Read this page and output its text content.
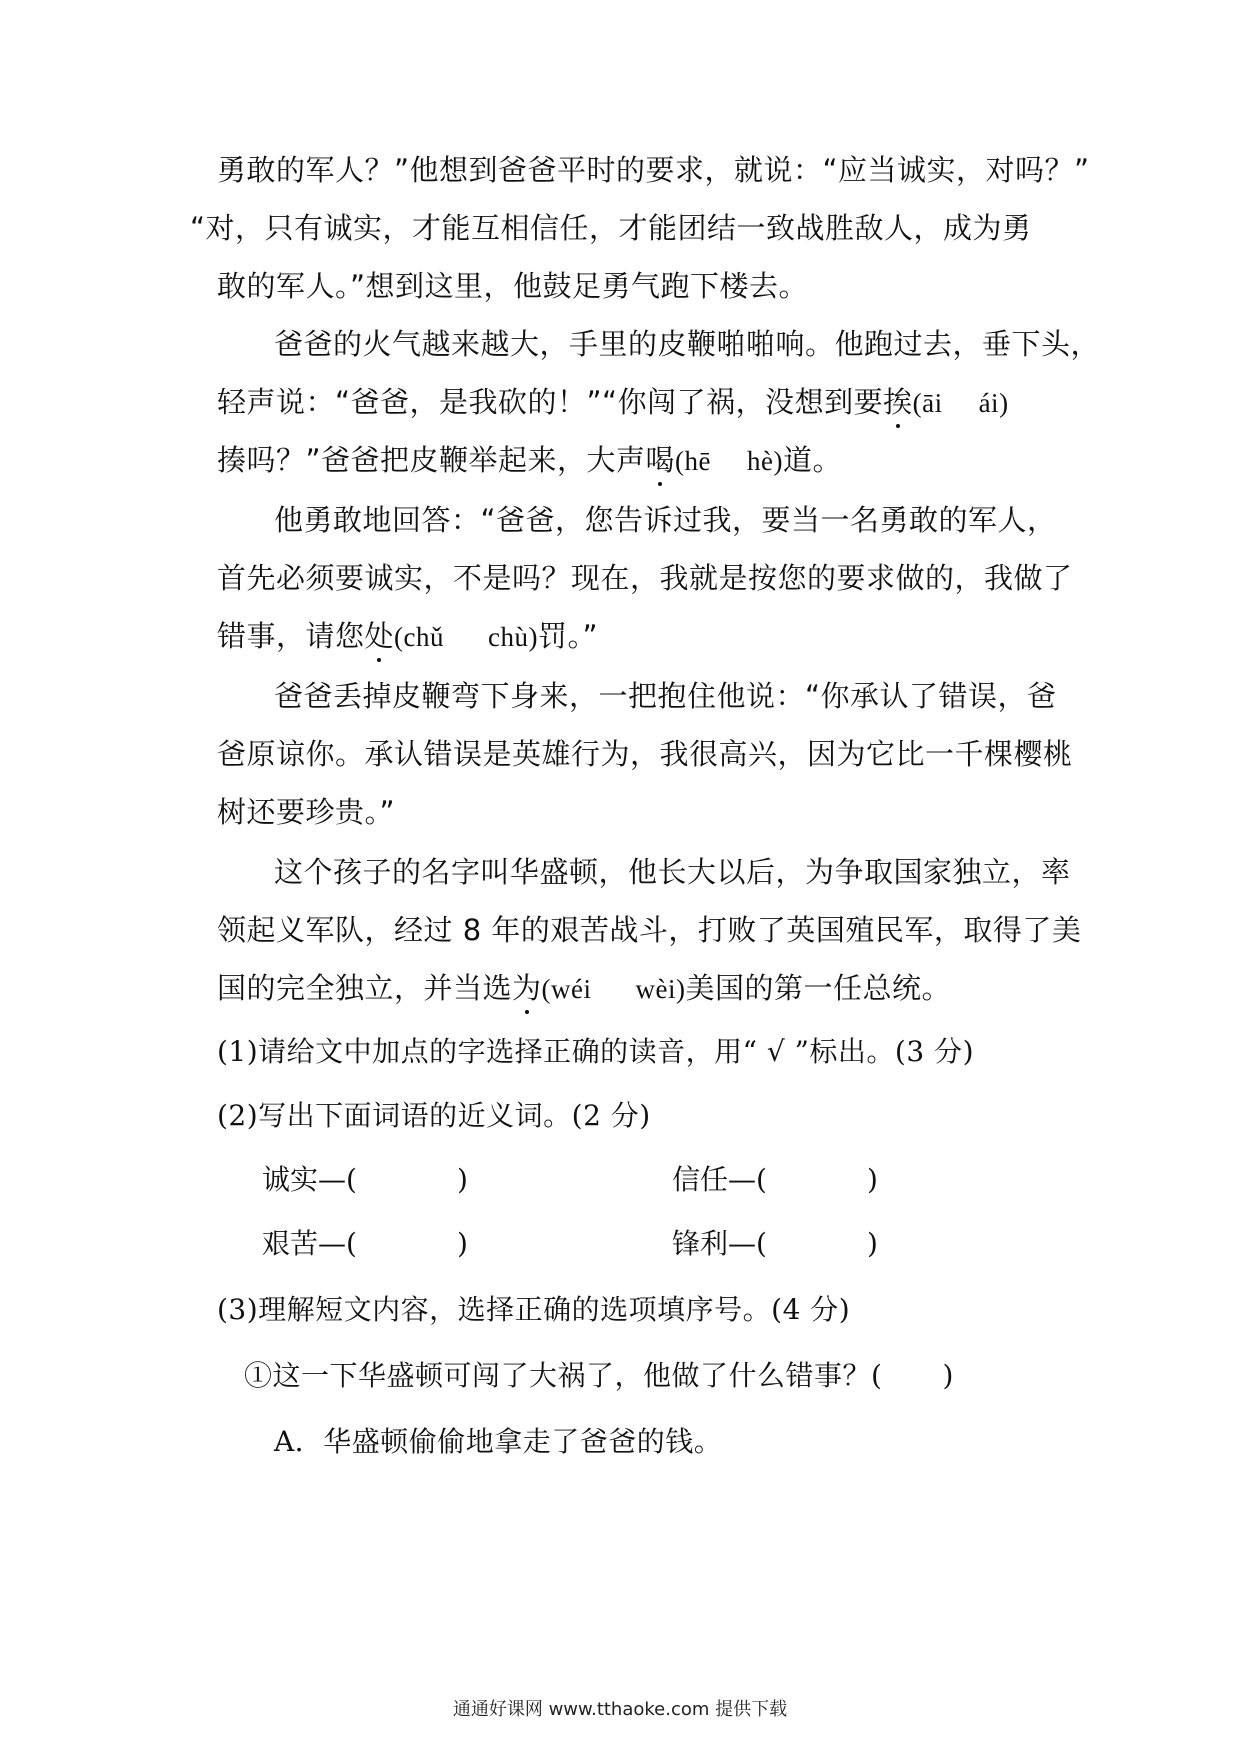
勇敢的军人？”他想到爸爸平时的要求，就说：“应当诚实，对吗？”
“对，只有诚实，才能互相信任，才能团结一致战胜敌人，成为勇
敢的军人。”想到这里，他鼓足勇气跑下楼去。
爸爸的火气越来越大，手里的皮鞭啪啪响。他跑过去，垂下头，
轻声说：“爸爸，是我砍的！”“你闯了祸，没想到要挨(āi ái)
揍吗？”爸爸把皮鞭举起来，大声喝(hē hè)道。
他勇敢地回答：“爸爸，您告诉过我，要当一名勇敢的军人，
首先必须要诚实，不是吗？现在，我就是按您的要求做的，我做了
错事，请您处(chǔ chù)罚。”
爸爸丢掉皮鞭弯下身来，一把抱住他说：“你承认了错误，爸
爸原谅你。承认错误是英雄行为，我很高兴，因为它比一千棵樱桃
树还要珍贵。”
这个孩子的名字叫华盛顿，他长大以后，为争取国家独立，率
领起义军队，经过 8 年的艰苦战斗，打败了英国殖民军，取得了美
国的完全独立，并当选为(wéi wèi)美国的第一任总统。
(1)请给文中加点的字选择正确的读音，用“ √ ”标出。(3 分)
(2)写出下面词语的近义词。(2 分)
诚实—(	)	信任—(	)
艰苦—(	)	锋利—(	)
(3)理解短文内容，选择正确的选项填序号。(4 分)
①这一下华盛顿可闯了大祸了，他做了什么错事？( )
A．华盛顿偷偷地拿走了爸爸的钱。
通通好课网 www.tthaoke.com 提供下载
